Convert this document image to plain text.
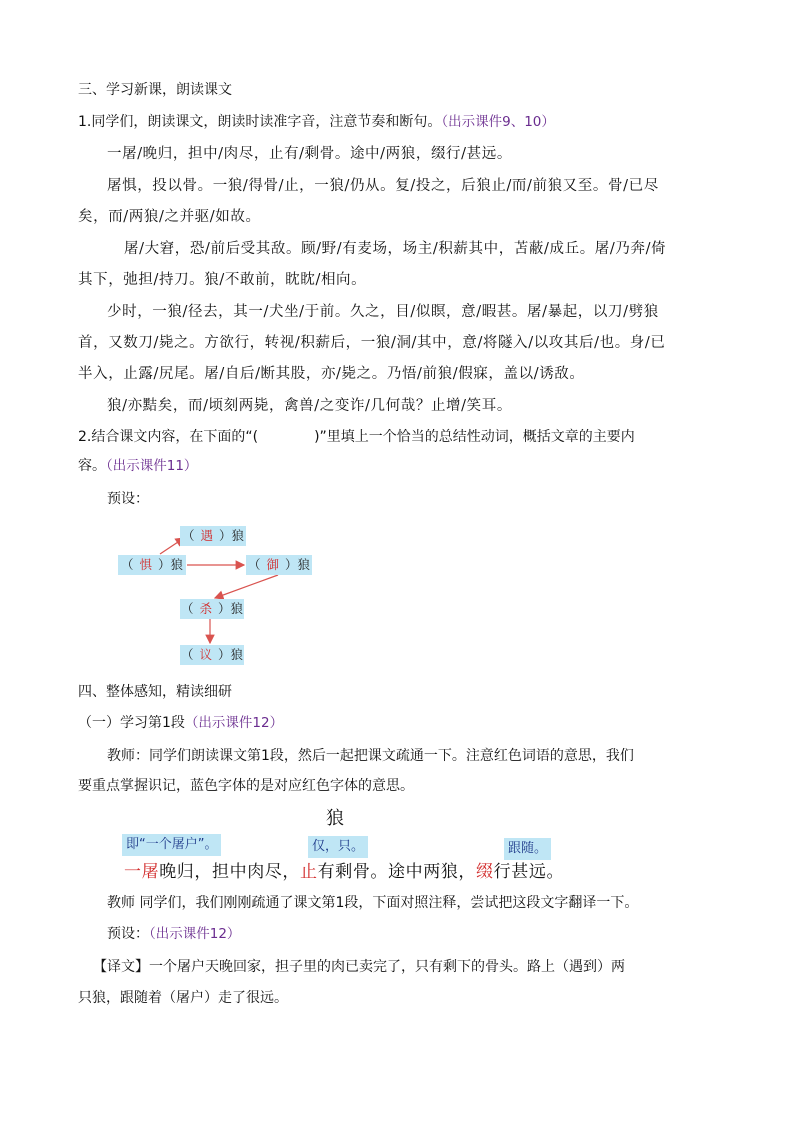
三、学习新课，朗读课文
1.同学们，朗读课文，朗读时读准字音，注意节奏和断句。（出示课件9、10）
一屠/晚归，担中/肉尽，止有/剩骨。途中/两狼，缀行/甚远。
屠惧，投以骨。一狼/得骨/止，一狼/仍从。复/投之，后狼止/而/前狼又至。骨/已尽
矣，而/两狼/之并驱/如故。
屠/大窘，恐/前后受其敌。顾/野/有麦场，场主/积薪其中，苫蔽/成丘。屠/乃奔/倚
其下，弛担/持刀。狼/不敢前，眈眈/相向。
少时，一狼/径去，其一/犬坐/于前。久之，目/似瞑，意/暇甚。屠/暴起，以刀/劈狼
首，又数刀/毙之。方欲行，转视/积薪后，一狼/洞/其中，意/将隧入/以攻其后/也。身/已
半入，止露/尻尾。屠/自后/断其股，亦/毙之。乃悟/前狼/假寐，盖以/诱敌。
狼/亦黠矣，而/顷刻两毙，禽兽/之变诈/几何哉？止增/笑耳。
2.结合课文内容，在下面的“(　　　　)”里填上一个恰当的总结性动词，概括文章的主要内
容。（出示课件11）
预设：
（ 遇 ）狼
（ 惧 ）狼	（ 御 ）狼
（ 杀 ）狼
（ 议 ）狼
四、整体感知，精读细研
（一）学习第1段（出示课件12）
教师：同学们朗读课文第1段，然后一起把课文疏通一下。注意红色词语的意思，我们
要重点掌握识记，蓝色字体的是对应红色字体的意思。
狼
即“一个屠户”。	仅，只。	跟随。
一屠晚归，担中肉尽，止有剩骨。途中两狼，缀行甚远。
教师 同学们，我们刚刚疏通了课文第1段，下面对照注释，尝试把这段文字翻译一下。
预设：（出示课件12）
【译文】一个屠户天晚回家，担子里的肉已卖完了，只有剩下的骨头。路上（遇到）两
只狼，跟随着（屠户）走了很远。
